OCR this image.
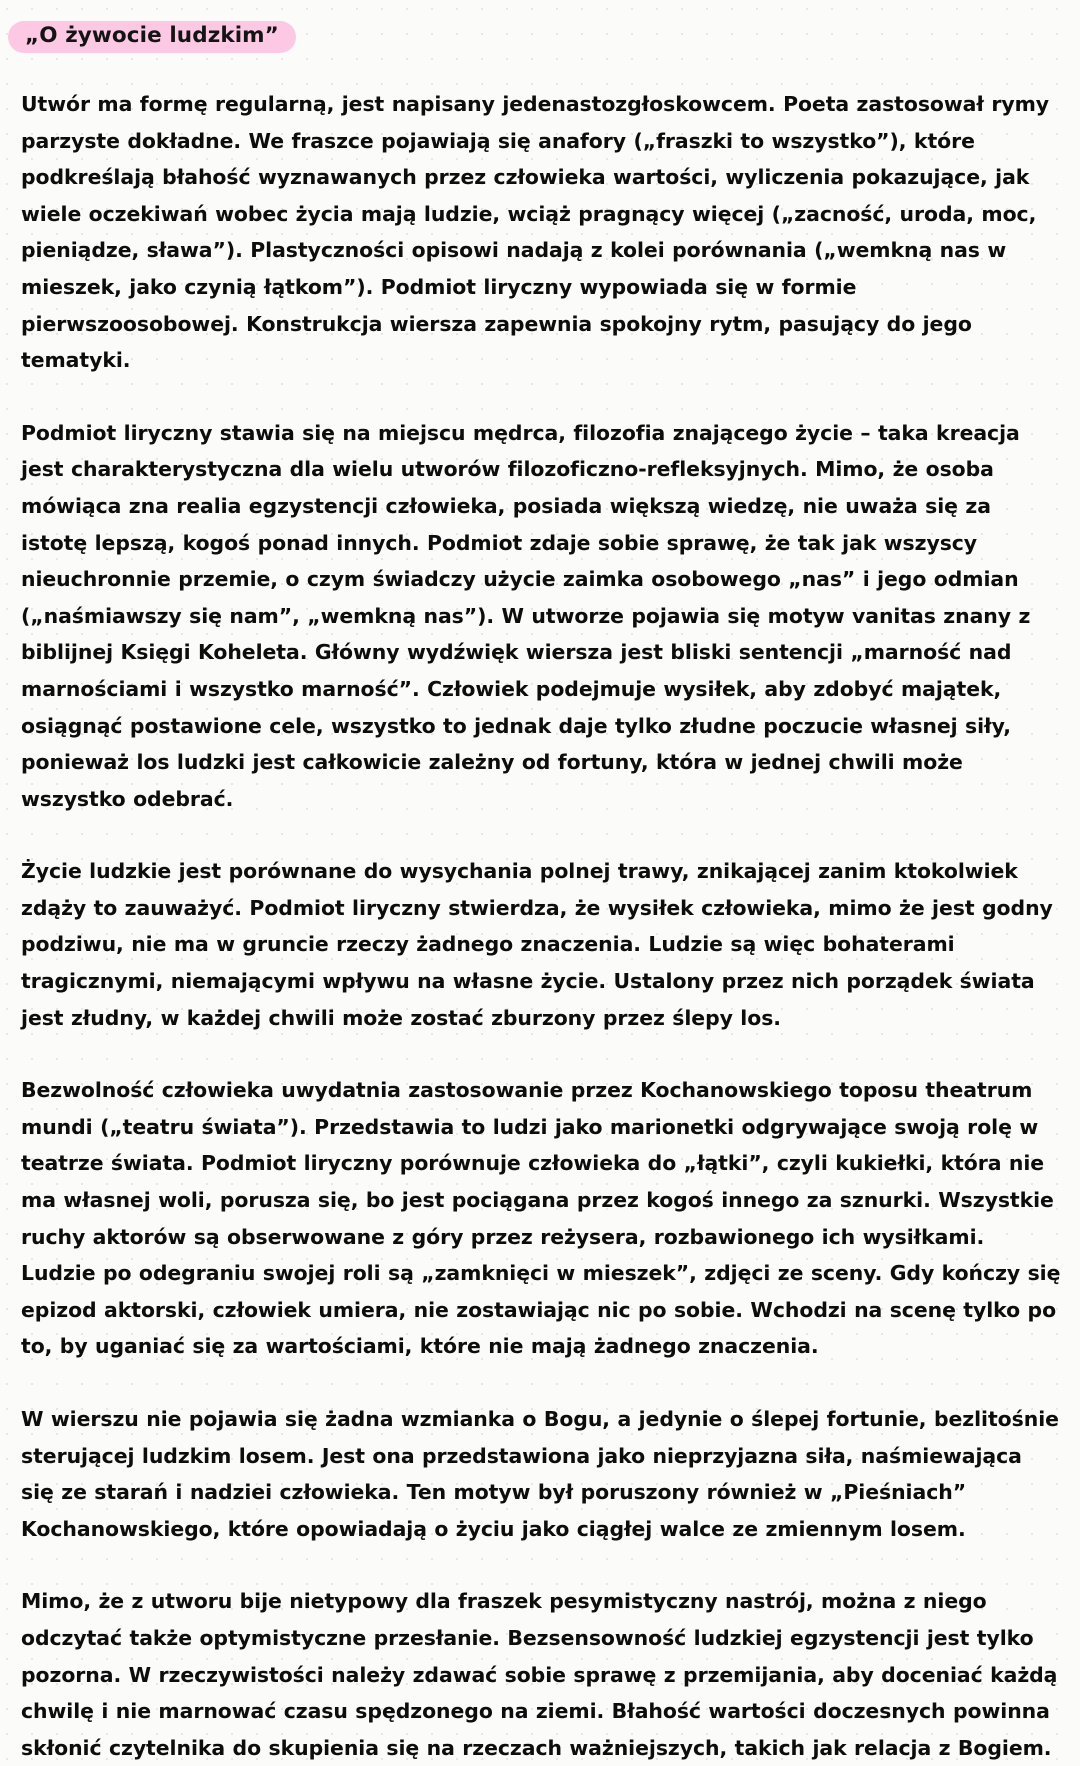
„O żywocie ludzkim”

Utwór ma formę regularną, jest napisany jedenastozgłoskowcem. Poeta zastosował rymy parzyste dokładne. We fraszce pojawiają się anafory („fraszki to wszystko”), które podkreślają błahość wyznawanych przez człowieka wartości, wyliczenia pokazujące, jak wiele oczekiwań wobec życia mają ludzie, wciąż pragnący więcej („zacność, uroda, moc, pieniądze, sława”). Plastyczności opisowi nadają z kolei porównania („wemkną nas w mieszek, jako czynią łątkom”). Podmiot liryczny wypowiada się w formie pierwszoosobowej. Konstrukcja wiersza zapewnia spokojny rytm, pasujący do jego tematyki.

Podmiot liryczny stawia się na miejscu mędrca, filozofia znającego życie – taka kreacja jest charakterystyczna dla wielu utworów filozoficzno-refleksyjnych. Mimo, że osoba mówiąca zna realia egzystencji człowieka, posiada większą wiedzę, nie uważa się za istotę lepszą, kogoś ponad innych. Podmiot zdaje sobie sprawę, że tak jak wszyscy nieuchronnie przemie, o czym świadczy użycie zaimka osobowego „nas” i jego odmian („naśmiawszy się nam”, „wemkną nas”). W utworze pojawia się motyw vanitas znany z biblijnej Księgi Koheleta. Główny wydźwięk wiersza jest bliski sentencji „marność nad marnościami i wszystko marność”. Człowiek podejmuje wysiłek, aby zdobyć majątek, osiągnąć postawione cele, wszystko to jednak daje tylko złudne poczucie własnej siły, ponieważ los ludzki jest całkowicie zależny od fortuny, która w jednej chwili może wszystko odebrać.

Życie ludzkie jest porównane do wysychania polnej trawy, znikającej zanim ktokolwiek zdąży to zauważyć. Podmiot liryczny stwierdza, że wysiłek człowieka, mimo że jest godny podziwu, nie ma w gruncie rzeczy żadnego znaczenia. Ludzie są więc bohaterami tragicznymi, niemającymi wpływu na własne życie. Ustalony przez nich porządek świata jest złudny, w każdej chwili może zostać zburzony przez ślepy los.

Bezwolność człowieka uwydatnia zastosowanie przez Kochanowskiego toposu theatrum mundi („teatru świata”). Przedstawia to ludzi jako marionetki odgrywające swoją rolę w teatrze świata. Podmiot liryczny porównuje człowieka do „łątki”, czyli kukiełki, która nie ma własnej woli, porusza się, bo jest pociągana przez kogoś innego za sznurki. Wszystkie ruchy aktorów są obserwowane z góry przez reżysera, rozbawionego ich wysiłkami. Ludzie po odegraniu swojej roli są „zamknięci w mieszek”, zdjęci ze sceny. Gdy kończy się epizod aktorski, człowiek umiera, nie zostawiając nic po sobie. Wchodzi na scenę tylko po to, by uganiać się za wartościami, które nie mają żadnego znaczenia.

W wierszu nie pojawia się żadna wzmianka o Bogu, a jedynie o ślepej fortunie, bezlitośnie sterującej ludzkim losem. Jest ona przedstawiona jako nieprzyjazna siła, naśmiewająca się ze starań i nadziei człowieka. Ten motyw był poruszony również w „Pieśniach” Kochanowskiego, które opowiadają o życiu jako ciągłej walce ze zmiennym losem.

Mimo, że z utworu bije nietypowy dla fraszek pesymistyczny nastrój, można z niego odczytać także optymistyczne przesłanie. Bezsensowność ludzkiej egzystencji jest tylko pozorna. W rzeczywistości należy zdawać sobie sprawę z przemijania, aby doceniać każdą chwilę i nie marnować czasu spędzonego na ziemi. Błahość wartości doczesnych powinna skłonić czytelnika do skupienia się na rzeczach ważniejszych, takich jak relacja z Bogiem.
